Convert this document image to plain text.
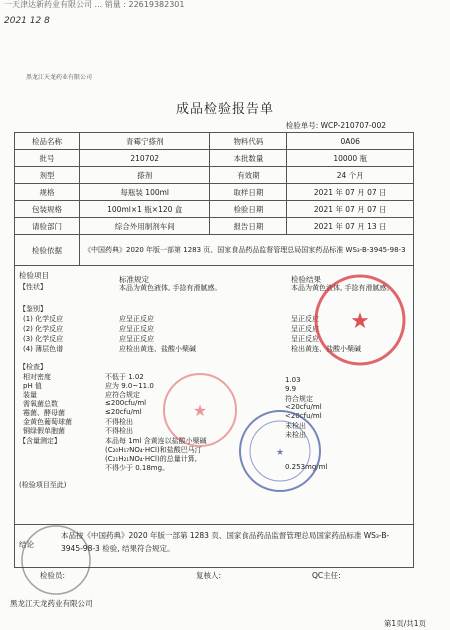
一天津达新药业有限公司 ... 销量 : 22619382301
2021 12 8
黑龙江天龙药业有限公司
成品检验报告单
检验单号: WCP-210707-002
检品名称	青霉宁搽剂	物料代码	0A06
批号	210702	本批数量	10000 瓶
剂型	搽剂	有效期	24 个月
规格	每瓶装 100ml	取样日期	2021 年 07 月 07 日
包装规格	100ml×1 瓶×120 盒	检验日期	2021 年 07 月 07 日
请验部门	综合外用制剂车间	报告日期	2021 年 07 月 13 日
检验依据	《中国药典》2020 年版一部第 1283 页、国家食品药品监督管理总局国家药品标准 WS₃-B-3945-98-3		
检验项目	标准规定	检验结果
【性状】	本品为黄色液体, 手捻有滑腻感。	本品为黄色液体, 手捻有滑腻感。
【鉴别】
(1) 化学反应	应呈正反应	呈正反应
(2) 化学反应	应呈正反应	呈正反应
(3) 化学反应	应呈正反应	呈正反应
(4) 薄层色谱	应检出黄连、盐酸小檗碱	检出黄连、盐酸小檗碱
【检查】
相对密度	不低于 1.02	1.03
pH 值	应为 9.0~11.0	9.9
装量	应符合规定	符合规定
需氧菌总数	≤200cfu/ml	<20cfu/ml
霉菌、酵母菌	≤20cfu/ml	<20cfu/ml
金黄色葡萄球菌	不得检出	未检出
铜绿假单胞菌	不得检出	未检出
【含量测定】	本品每 1ml 含黄连以盐酸小檗碱
(C₂₀H₁₇NO₄·HCl)和盐酸巴马汀
(C₂₁H₂₁NO₄·HCl)的总量计算,
不得少于 0.18mg。	0.253mg/ml
(检验项目至此)
★
★
★
结论
本品按《中国药典》2020 年版一部第 1283 页、国家食品药品监督管理总局国家药品标准 WS₃-B-3945-98-3 检验, 结果符合规定。
检验员:	复核人:	QC主任:
黑龙江天龙药业有限公司
第1页/共1页
